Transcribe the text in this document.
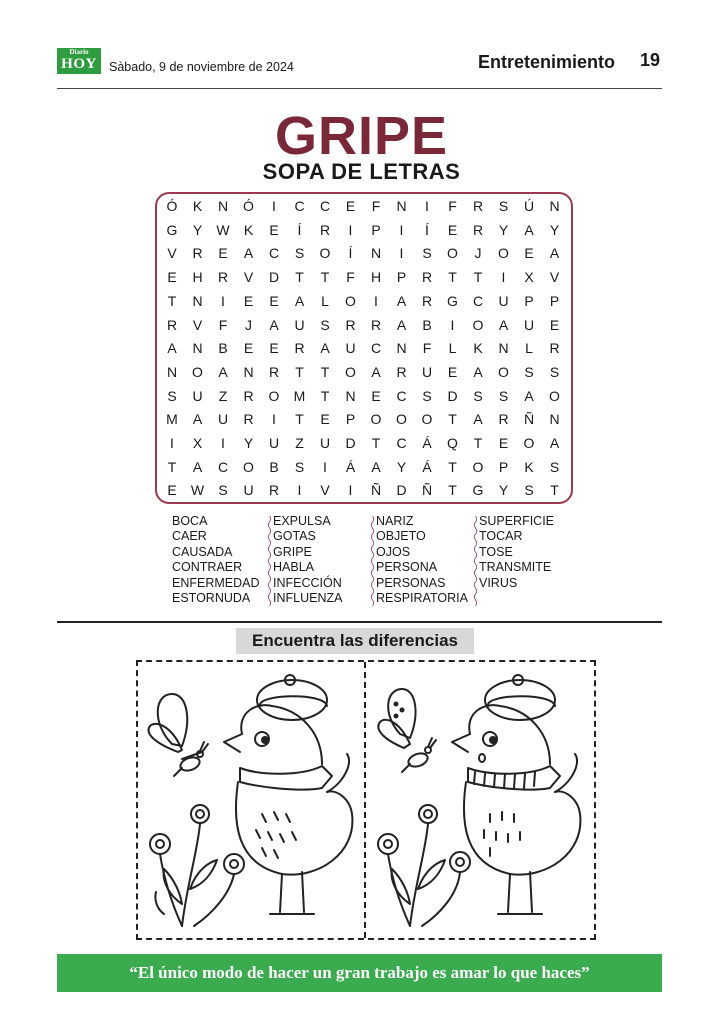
Diario
HOY Sàbado, 9 de noviembre de 2024	Entretenimiento 19
GRIPE
SOPA DE LETRAS
Ó	K	N	Ó	I	C	C	E	F	N	I	F	R	S	Ú	N
G	Y	W	K	E	Í	R	I	P	I	Í	E	R	Y	A	Y
V	R	E	A	C	S	O	Í	N	I	S	O	J	O	E	A
E	H	R	V	D	T	T	F	H	P	R	T	T	I	X	V
T	N	I	E	E	A	L	O	I	A	R	G	C	U	P	P
R	V	F	J	A	U	S	R	R	A	B	I	O	A	U	E
A	N	B	E	E	R	A	U	C	N	F	L	K	N	L	R
N	O	A	N	R	T	T	O	A	R	U	E	A	O	S	S
S	U	Z	R	O	M	T	N	E	C	S	D	S	S	A	O
M	A	U	R	I	T	E	P	O	O	O	T	A	R	Ñ	N
I	X	I	Y	U	Z	U	D	T	C	Á	Q	T	E	O	A
T	A	C	O	B	S	I	Á	A	Y	Á	T	O	P	K	S
E	W	S	U	R	I	V	I	Ñ	D	Ñ	T	G	Y	S	T
BOCA
CAER
CAUSADA
CONTRAER
ENFERMEDAD
ESTORNUDA
EXPULSA
GOTAS
GRIPE
HABLA
INFECCIÓN
INFLUENZA
NARIZ
OBJETO
OJOS
PERSONA
PERSONAS
RESPIRATORIA
SUPERFICIE
TOCAR
TOSE
TRANSMITE
VIRUS
Encuentra las diferencias
“El único modo de hacer un gran trabajo es amar lo que haces”
